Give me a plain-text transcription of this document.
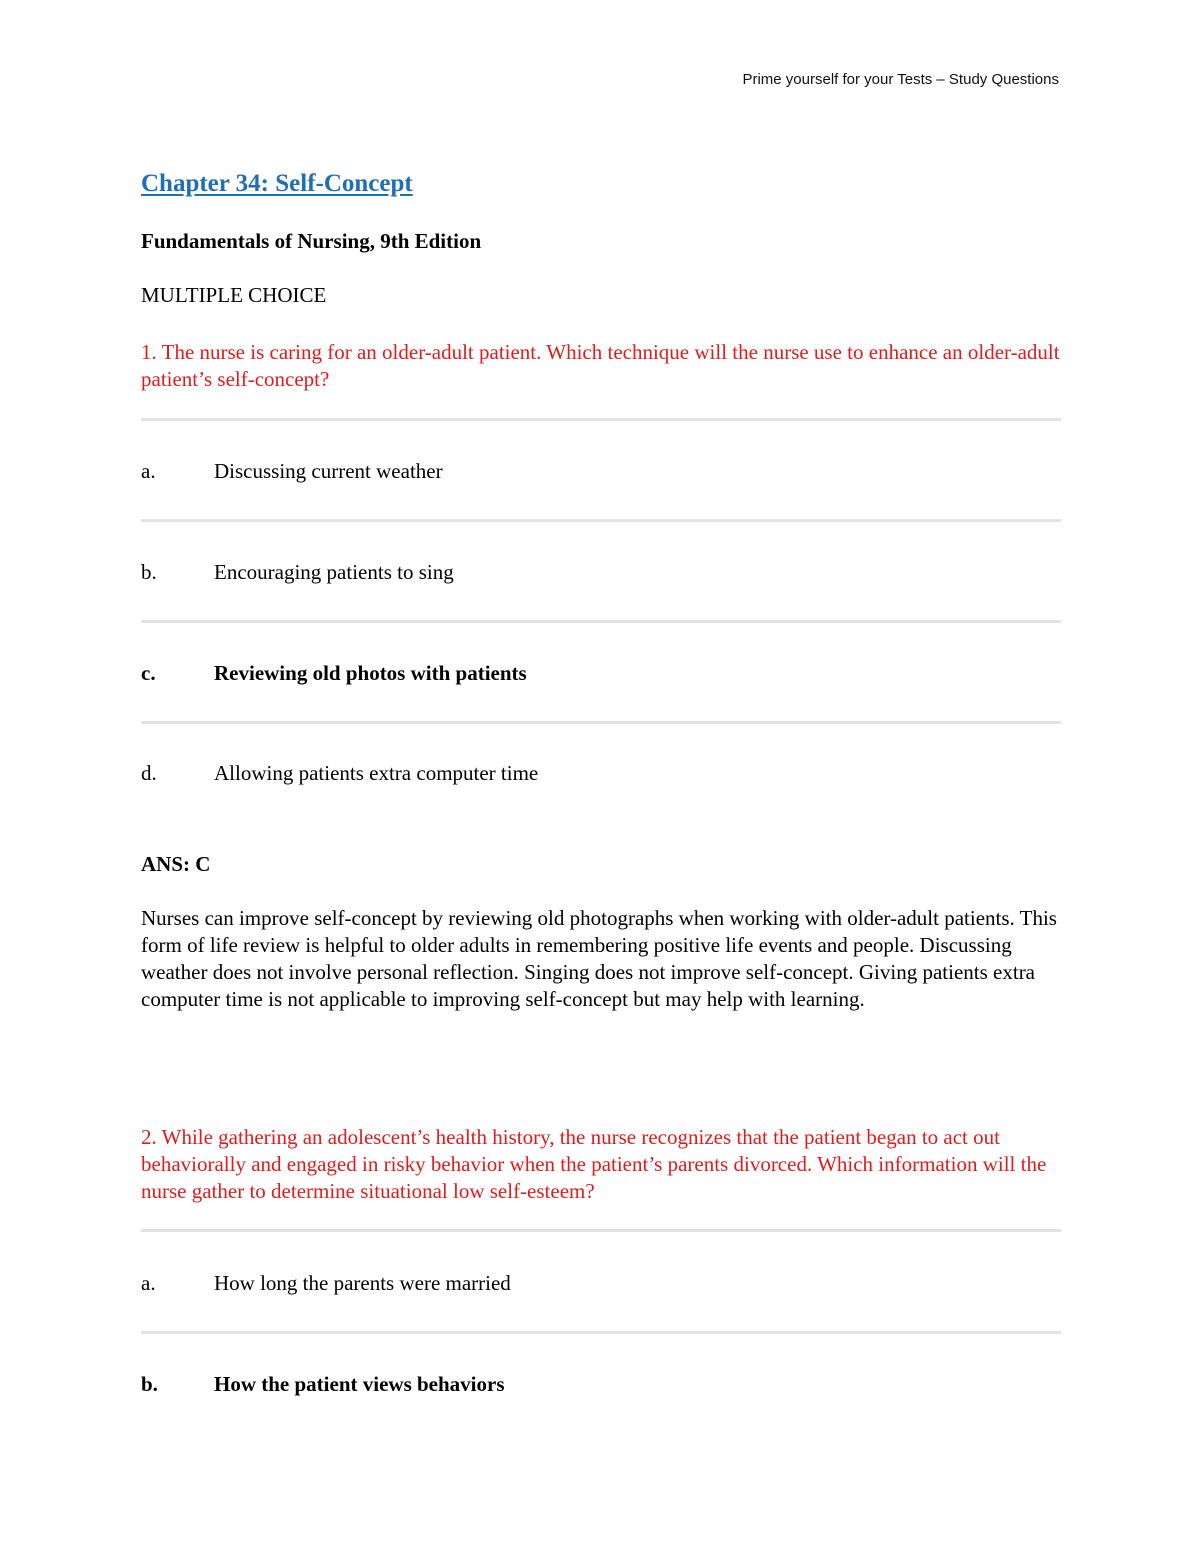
Prime yourself for your Tests – Study Questions
Chapter 34: Self-Concept
Fundamentals of Nursing, 9th Edition
MULTIPLE CHOICE
1. The nurse is caring for an older-adult patient. Which technique will the nurse use to enhance an older-adult patient’s self-concept?
a.	Discussing current weather
b.	Encouraging patients to sing
c.	Reviewing old photos with patients
d.	Allowing patients extra computer time
ANS: C
Nurses can improve self-concept by reviewing old photographs when working with older-adult patients. This form of life review is helpful to older adults in remembering positive life events and people. Discussing weather does not involve personal reflection. Singing does not improve self-concept. Giving patients extra computer time is not applicable to improving self-concept but may help with learning.
2. While gathering an adolescent’s health history, the nurse recognizes that the patient began to act out behaviorally and engaged in risky behavior when the patient’s parents divorced. Which information will the nurse gather to determine situational low self-esteem?
a.	How long the parents were married
b.	How the patient views behaviors
